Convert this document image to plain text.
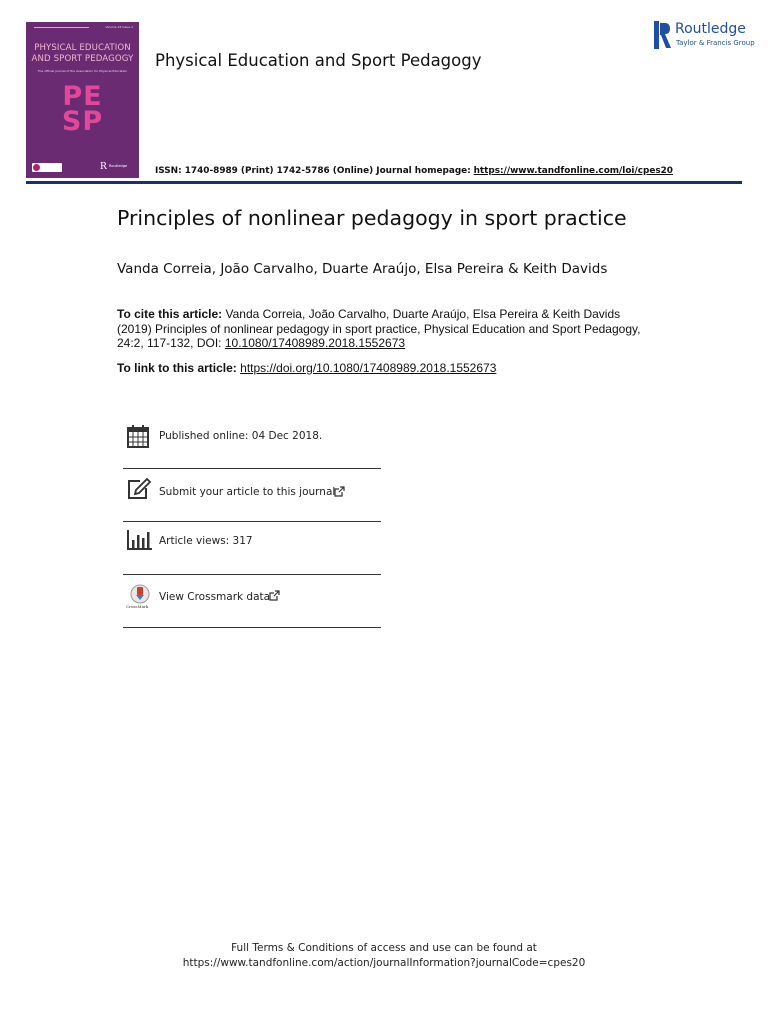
Volume 24 Issue 2
PHYSICAL EDUCATION
AND SPORT PEDAGOGY
The official journal of the Association for Physical Education
PE
SP
R Routledge
Physical Education and Sport Pedagogy
Routledge
Taylor & Francis Group
ISSN: 1740-8989 (Print) 1742-5786 (Online) Journal homepage: https://www.tandfonline.com/loi/cpes20
Principles of nonlinear pedagogy in sport practice
Vanda Correia, João Carvalho, Duarte Araújo, Elsa Pereira & Keith Davids
To cite this article: Vanda Correia, João Carvalho, Duarte Araújo, Elsa Pereira & Keith Davids (2019) Principles of nonlinear pedagogy in sport practice, Physical Education and Sport Pedagogy, 24:2, 117-132, DOI: 10.1080/17408989.2018.1552673
To link to this article: https://doi.org/10.1080/17408989.2018.1552673
Published online: 04 Dec 2018.
Submit your article to this journal
Article views: 317
CrossMark
View Crossmark data
Full Terms & Conditions of access and use can be found at
https://www.tandfonline.com/action/journalInformation?journalCode=cpes20
